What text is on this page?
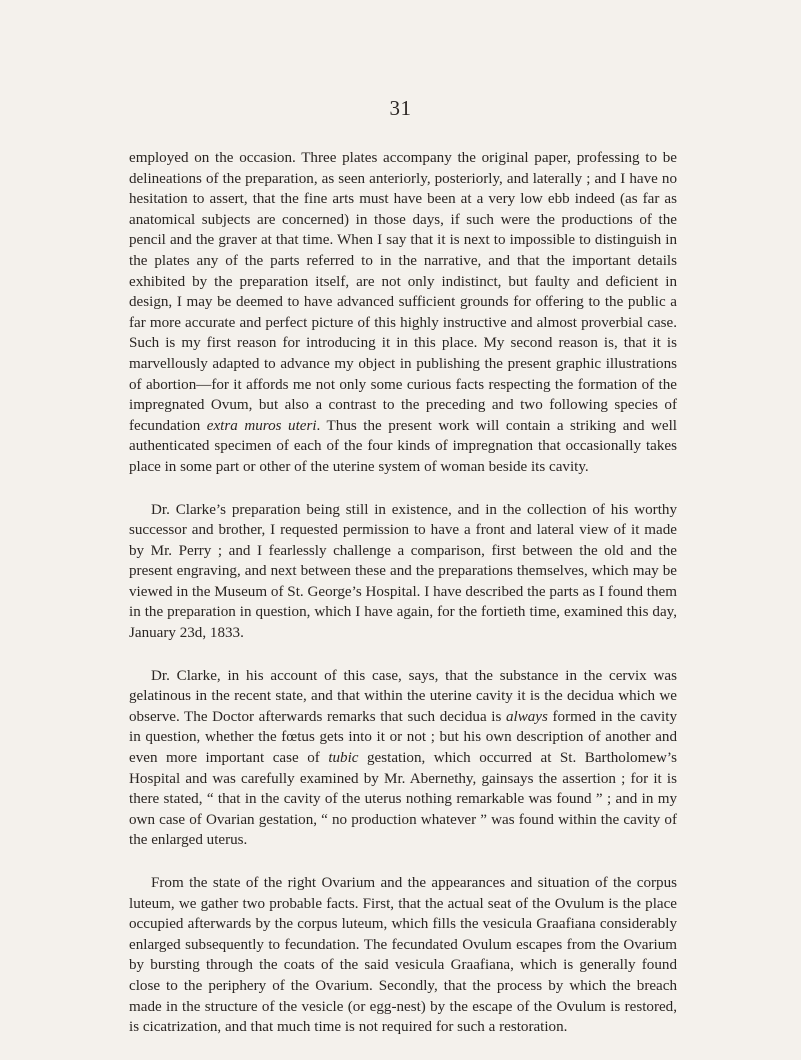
31

employed on the occasion. Three plates accompany the original paper, professing to be delineations of the preparation, as seen anteriorly, posteriorly, and laterally ; and I have no hesitation to assert, that the fine arts must have been at a very low ebb indeed (as far as anatomical subjects are concerned) in those days, if such were the productions of the pencil and the graver at that time. When I say that it is next to impossible to distinguish in the plates any of the parts referred to in the narrative, and that the important details exhibited by the preparation itself, are not only indistinct, but faulty and deficient in design, I may be deemed to have advanced sufficient grounds for offering to the public a far more accurate and perfect picture of this highly instructive and almost proverbial case. Such is my first reason for introducing it in this place. My second reason is, that it is marvellously adapted to advance my object in publishing the present graphic illustrations of abortion—for it affords me not only some curious facts respecting the formation of the impregnated Ovum, but also a contrast to the preceding and two following species of fecundation extra muros uteri. Thus the present work will contain a striking and well authenticated specimen of each of the four kinds of impregnation that occasionally takes place in some part or other of the uterine system of woman beside its cavity.

Dr. Clarke’s preparation being still in existence, and in the collection of his worthy successor and brother, I requested permission to have a front and lateral view of it made by Mr. Perry ; and I fearlessly challenge a comparison, first between the old and the present engraving, and next between these and the preparations themselves, which may be viewed in the Museum of St. George’s Hospital. I have described the parts as I found them in the preparation in question, which I have again, for the fortieth time, examined this day, January 23d, 1833.

Dr. Clarke, in his account of this case, says, that the substance in the cervix was gelatinous in the recent state, and that within the uterine cavity it is the decidua which we observe. The Doctor afterwards remarks that such decidua is always formed in the cavity in question, whether the fœtus gets into it or not ; but his own description of another and even more important case of tubic gestation, which occurred at St. Bartholomew’s Hospital and was carefully examined by Mr. Abernethy, gainsays the assertion ; for it is there stated, “ that in the cavity of the uterus nothing remarkable was found ” ; and in my own case of Ovarian gestation, “ no production whatever ” was found within the cavity of the enlarged uterus.

From the state of the right Ovarium and the appearances and situation of the corpus luteum, we gather two probable facts. First, that the actual seat of the Ovulum is the place occupied afterwards by the corpus luteum, which fills the vesicula Graafiana considerably enlarged subsequently to fecundation. The fecundated Ovulum escapes from the Ovarium by bursting through the coats of the said vesicula Graafiana, which is generally found close to the periphery of the Ovarium. Secondly, that the process by which the breach made in the structure of the vesicle (or egg-nest) by the escape of the Ovulum is restored, is cicatrization, and that much time is not required for such a restoration.
